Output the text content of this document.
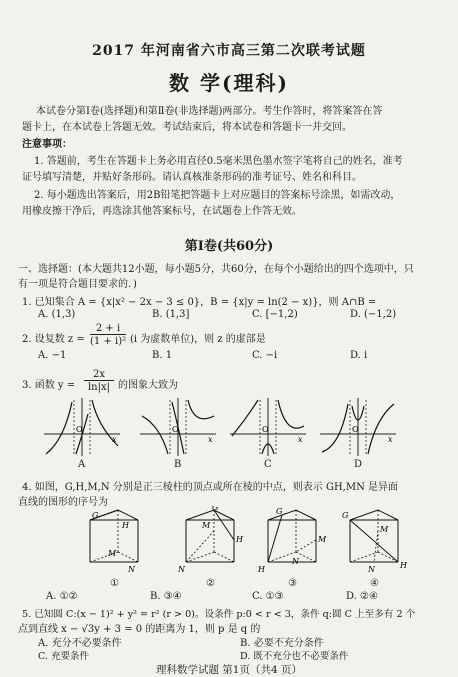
2017 年河南省六市高三第二次联考试题
数 学(理科)
本试卷分第Ⅰ卷(选择题)和第Ⅱ卷(非选择题)两部分。考生作答时，将答案答在答
题卡上，在本试卷上答题无效。考试结束后，将本试卷和答题卡一并交回。
注意事项：
1. 答题前，考生在答题卡上务必用直径0.5毫米黑色墨水签字笔将自己的姓名，准考
证号填写清楚，并贴好条形码。请认真核准条形码的准考证号、姓名和科目。
2. 每小题选出答案后，用2B铅笔把答题卡上对应题目的答案标号涂黑，如需改动，
用橡皮擦干净后，再选涂其他答案标号，在试题卷上作答无效。
第Ⅰ卷(共60分)
一、选择题：(本大题共12小题，每小题5分，共60分，在每个小题给出的四个选项中，只
有一项是符合题目要求的．)
1. 已知集合 A = {x|x² − 2x − 3 ≤ 0}，B = {x|y = ln(2 − x)}，则 A∩B =
A. (1,3)	B. (1,3]	C. [−1,2)	D. (−1,2)
2. 设复数 z =
2 + i
(1 + i)² (i 为虚数单位)，则 z 的虚部是
A. −1	B. 1	C. −i	D. i
3. 函数 y =
2x
ln|x| 的图象大致为
O
x
O
x
O
x
O
x
A	B	C	D
4. 如图，G,H,M,N 分别是正三棱柱的顶点或所在棱的中点，则表示 GH,MN 是异面
直线的图形的序号为
G
H
M
N
G
H
M
N
G
H
M
N
G
H
M
N
①	②	③	④
A. ①②	B. ③④	C. ①③	D. ②④
5. 已知圆 C:(x − 1)² + y² = r² (r > 0)。设条件 p:0 < r < 3，条件 q:圆 C 上至多有 2 个
点到直线 x − √3y + 3 = 0 的距离为 1，则 p 是 q 的
A. 充分不必要条件	B. 必要不充分条件
C. 充要条件	D. 既不充分也不必要条件
理科数学试题 第1页（共4 页）
